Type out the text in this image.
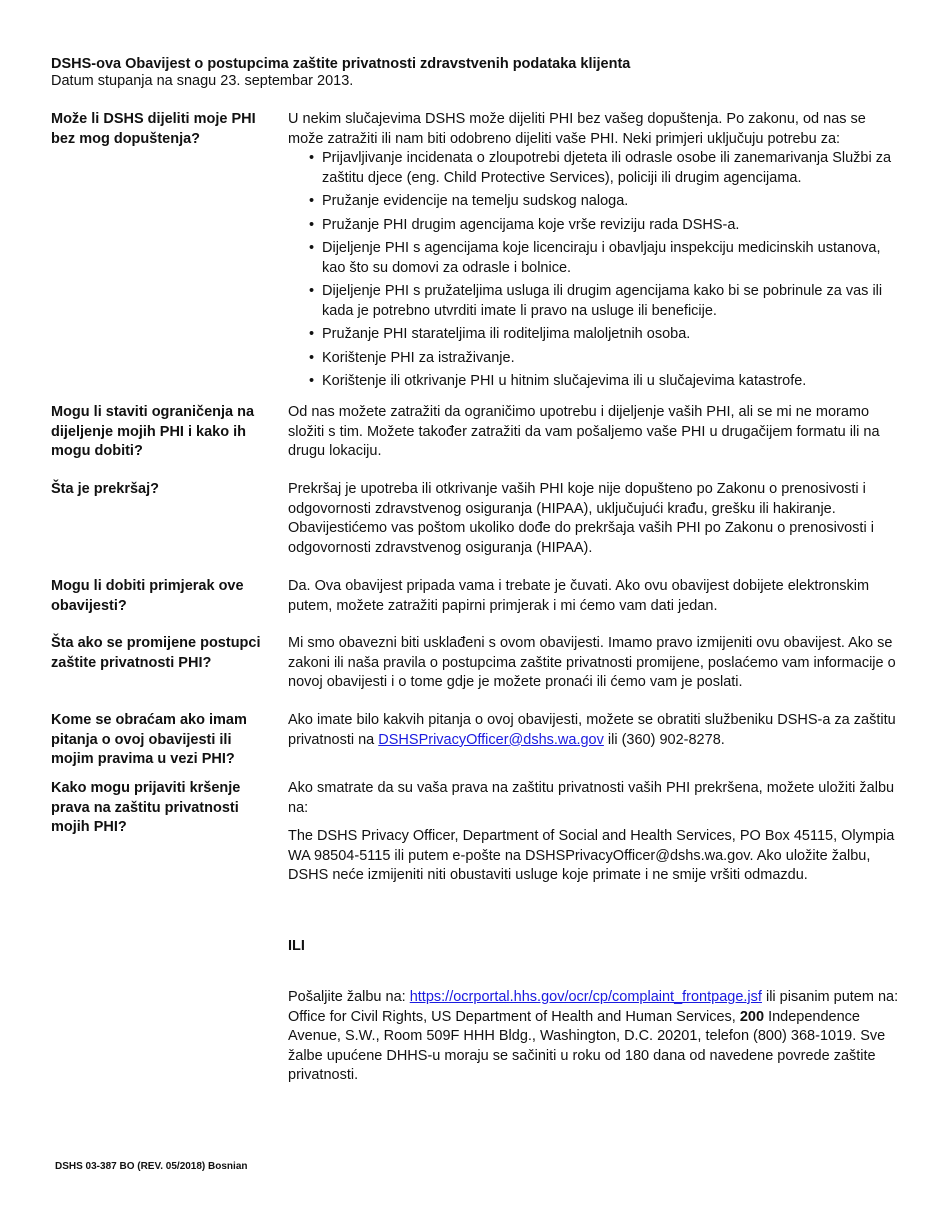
DSHS-ova Obavijest o postupcima zaštite privatnosti zdravstvenih podataka klijenta
Datum stupanja na snagu 23. septembar 2013.
Može li DSHS dijeliti moje PHI bez mog dopuštenja?

U nekim slučajevima DSHS može dijeliti PHI bez vašeg dopuštenja. Po zakonu, od nas se može zatražiti ili nam biti odobreno dijeliti vaše PHI. Neki primjeri uključuju potrebu za:

• Prijavljivanje incidenata o zloupotrebi djeteta ili odrasle osobe ili zanemarivanja Službi za zaštitu djece (eng. Child Protective Services), policiji ili drugim agencijama.
• Pružanje evidencije na temelju sudskog naloga.
• Pružanje PHI drugim agencijama koje vrše reviziju rada DSHS-a.
• Dijeljenje PHI s agencijama koje licenciraju i obavljaju inspekciju medicinskih ustanova, kao što su domovi za odrasle i bolnice.
• Dijeljenje PHI s pružateljima usluga ili drugim agencijama kako bi se pobrinule za vas ili kada je potrebno utvrditi imate li pravo na usluge ili beneficije.
• Pružanje PHI starateljima ili roditeljima maloljetnih osoba.
• Korištenje PHI za istraživanje.
• Korištenje ili otkrivanje PHI u hitnim slučajevima ili u slučajevima katastrofe.
Mogu li staviti ograničenja na dijeljenje mojih PHI i kako ih mogu dobiti?
Od nas možete zatražiti da ograničimo upotrebu i dijeljenje vaših PHI, ali se mi ne moramo složiti s tim. Možete također zatražiti da vam pošaljemo vaše PHI u drugačijem formatu ili na drugu lokaciju.
Šta je prekršaj?	Prekršaj je upotreba ili otkrivanje vaših PHI koje nije dopušteno po Zakonu o prenosivosti i odgovornosti zdravstvenog osiguranja (HIPAA), uključujući krađu, grešku ili hakiranje. Obavijestićemo vas poštom ukoliko dođe do prekršaja vaših PHI po Zakonu o prenosivosti i odgovornosti zdravstvenog osiguranja (HIPAA).
Mogu li dobiti primjerak ove obavijesti?
Da. Ova obavijest pripada vama i trebate je čuvati. Ako ovu obavijest dobijete elektronskim putem, možete zatražiti papirni primjerak i mi ćemo vam dati jedan.
Šta ako se promijene postupci zaštite privatnosti PHI?
Mi smo obavezni biti usklađeni s ovom obavijesti. Imamo pravo izmijeniti ovu obavijest. Ako se zakoni ili naša pravila o postupcima zaštite privatnosti promijene, poslaćemo vam informacije o novoj obavijesti i o tome gdje je možete pronaći ili ćemo vam je poslati.
Kome se obraćam ako imam pitanja o ovoj obavijesti ili mojim pravima u vezi PHI?
Ako imate bilo kakvih pitanja o ovoj obavijesti, možete se obratiti službeniku DSHS-a za zaštitu privatnosti na DSHSPrivacyOfficer@dshs.wa.gov ili (360) 902-8278.
Kako mogu prijaviti kršenje prava na zaštitu privatnosti mojih PHI?

Ako smatrate da su vaša prava na zaštitu privatnosti vaših PHI prekršena, možete uložiti žalbu na:

The DSHS Privacy Officer, Department of Social and Health Services, PO Box 45115, Olympia WA 98504-5115 ili putem e-pošte na DSHSPrivacyOfficer@dshs.wa.gov. Ako uložite žalbu, DSHS neće izmijeniti niti obustaviti usluge koje primate i ne smije vršiti odmazdu.

ILI

Pošaljite žalbu na: https://ocrportal.hhs.gov/ocr/cp/complaint_frontpage.jsf ili pisanim putem na: Office for Civil Rights, US Department of Health and Human Services, 200 Independence Avenue, S.W., Room 509F HHH Bldg., Washington, D.C. 20201, telefon (800) 368-1019. Sve žalbe upućene DHHS-u moraju se sačiniti u roku od 180 dana od navedene povrede zaštite privatnosti.

DSHS 03-387 BO (REV. 05/2018) Bosnian
